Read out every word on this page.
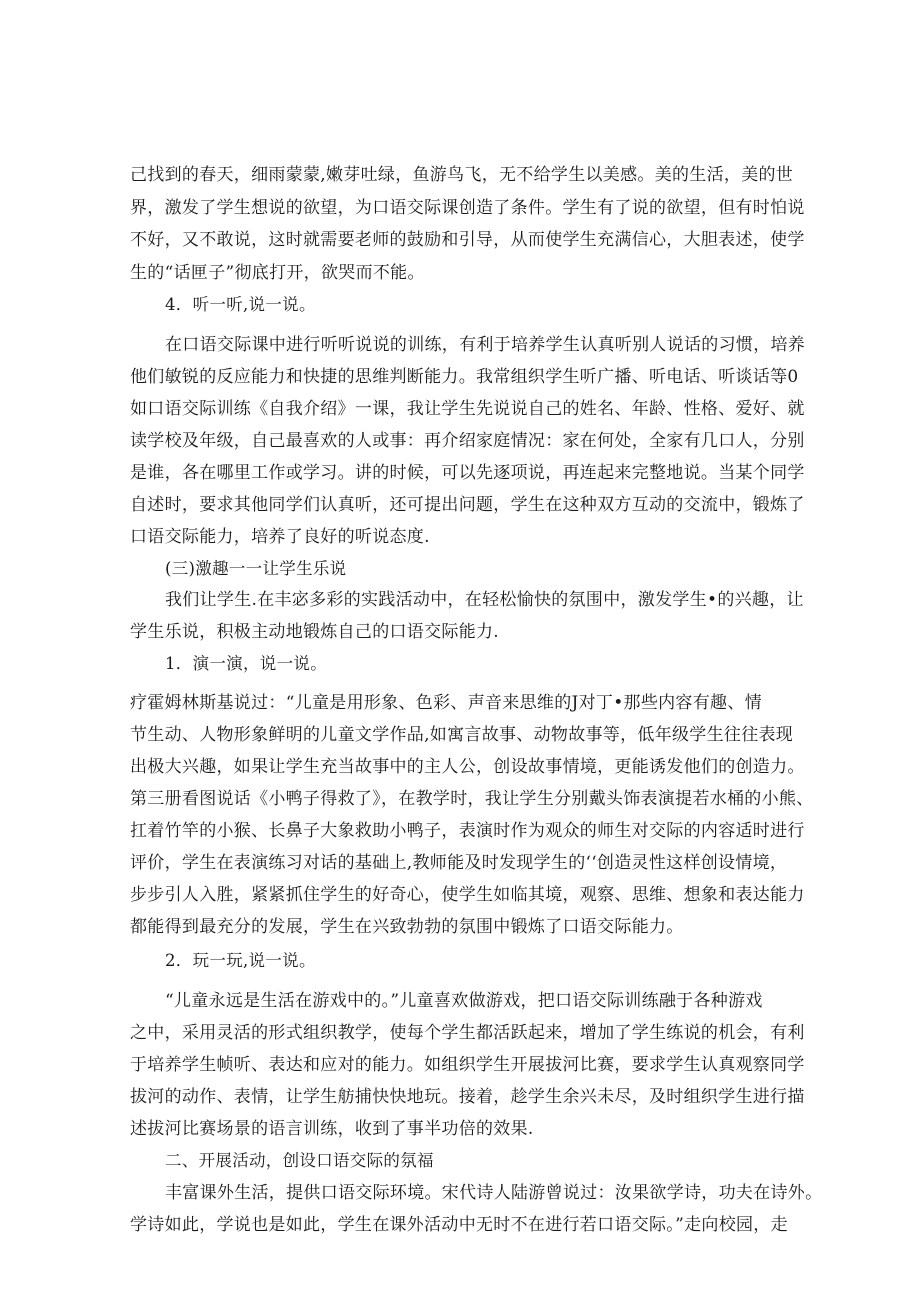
己找到的春天，细雨蒙蒙,嫩芽吐绿，鱼游鸟飞，无不给学生以美感。美的生活，美的世

界，激发了学生想说的欲望，为口语交际课创造了条件。学生有了说的欲望，但有时怕说

不好，又不敢说，这时就需要老师的鼓励和引导，从而使学生充满信心，大胆表述，使学

生的“话匣子”彻底打开，欲哭而不能。

4．听一听,说一说。

在口语交际课中进行听听说说的训练，有利于培养学生认真听别人说话的习惯，培养

他们敏锐的反应能力和快捷的思维判断能力。我常组织学生听广播、听电话、听谈话等0

如口语交际训练《自我介绍》一课，我让学生先说说自己的姓名、年龄、性格、爱好、就

读学校及年级，自己最喜欢的人或事：再介绍家庭情况：家在何处，全家有几口人，分别

是谁，各在哪里工作或学习。讲的时候，可以先逐项说，再连起来完整地说。当某个同学

自述时，要求其他同学们认真听，还可提出问题，学生在这种双方互动的交流中，锻炼了

口语交际能力，培养了良好的听说态度.

(三)激趣一一让学生乐说

我们让学生.在丰宓多彩的实践活动中，在轻松愉快的氛围中，激发学生•的兴趣，让

学生乐说，积极主动地锻炼自己的口语交际能力.

1．演一演，说一说。

疗霍姆林斯基说过：“儿童是用形象、色彩、声音来思维的J对丁•那些内容有趣、情

节生动、人物形象鲜明的儿童文学作品,如寓言故事、动物故事等，低年级学生往往表现

出极大兴趣，如果让学生充当故事中的主人公，创设故事情境，更能诱发他们的创造力。

第三册看图说话《小鸭子得救了》，在教学时，我让学生分别戴头饰表演提若水桶的小熊、

扛着竹竿的小猴、长鼻子大象救助小鸭子，表演时作为观众的师生对交际的内容适时进行

评价，学生在表演练习对话的基础上,教师能及时发现学生的‘‘创造灵性这样创设情境，

步步引人入胜，紧紧抓住学生的好奇心，使学生如临其境，观察、思维、想象和表达能力

都能得到最充分的发展，学生在兴致勃勃的氛围中锻炼了口语交际能力。

2．玩一玩,说一说。

“儿童永远是生活在游戏中的。”儿童喜欢做游戏，把口语交际训练融于各种游戏

之中，采用灵活的形式组织教学，使每个学生都活跃起来，增加了学生练说的机会，有利

于培养学生帧听、表达和应对的能力。如组织学生开展拔河比赛，要求学生认真观察同学

拔河的动作、表情，让学生舫捕快快地玩。接着，趁学生余兴未尽，及时组织学生进行描

述拔河比赛场景的语言训练，收到了事半功倍的效果.

二、开展活动，创设口语交际的氛福

丰富课外生活，提供口语交际环境。宋代诗人陆游曾说过：汝果欲学诗，功夫在诗外。

学诗如此，学说也是如此，学生在课外活动中无时不在进行若口语交际。”走向校园，走
